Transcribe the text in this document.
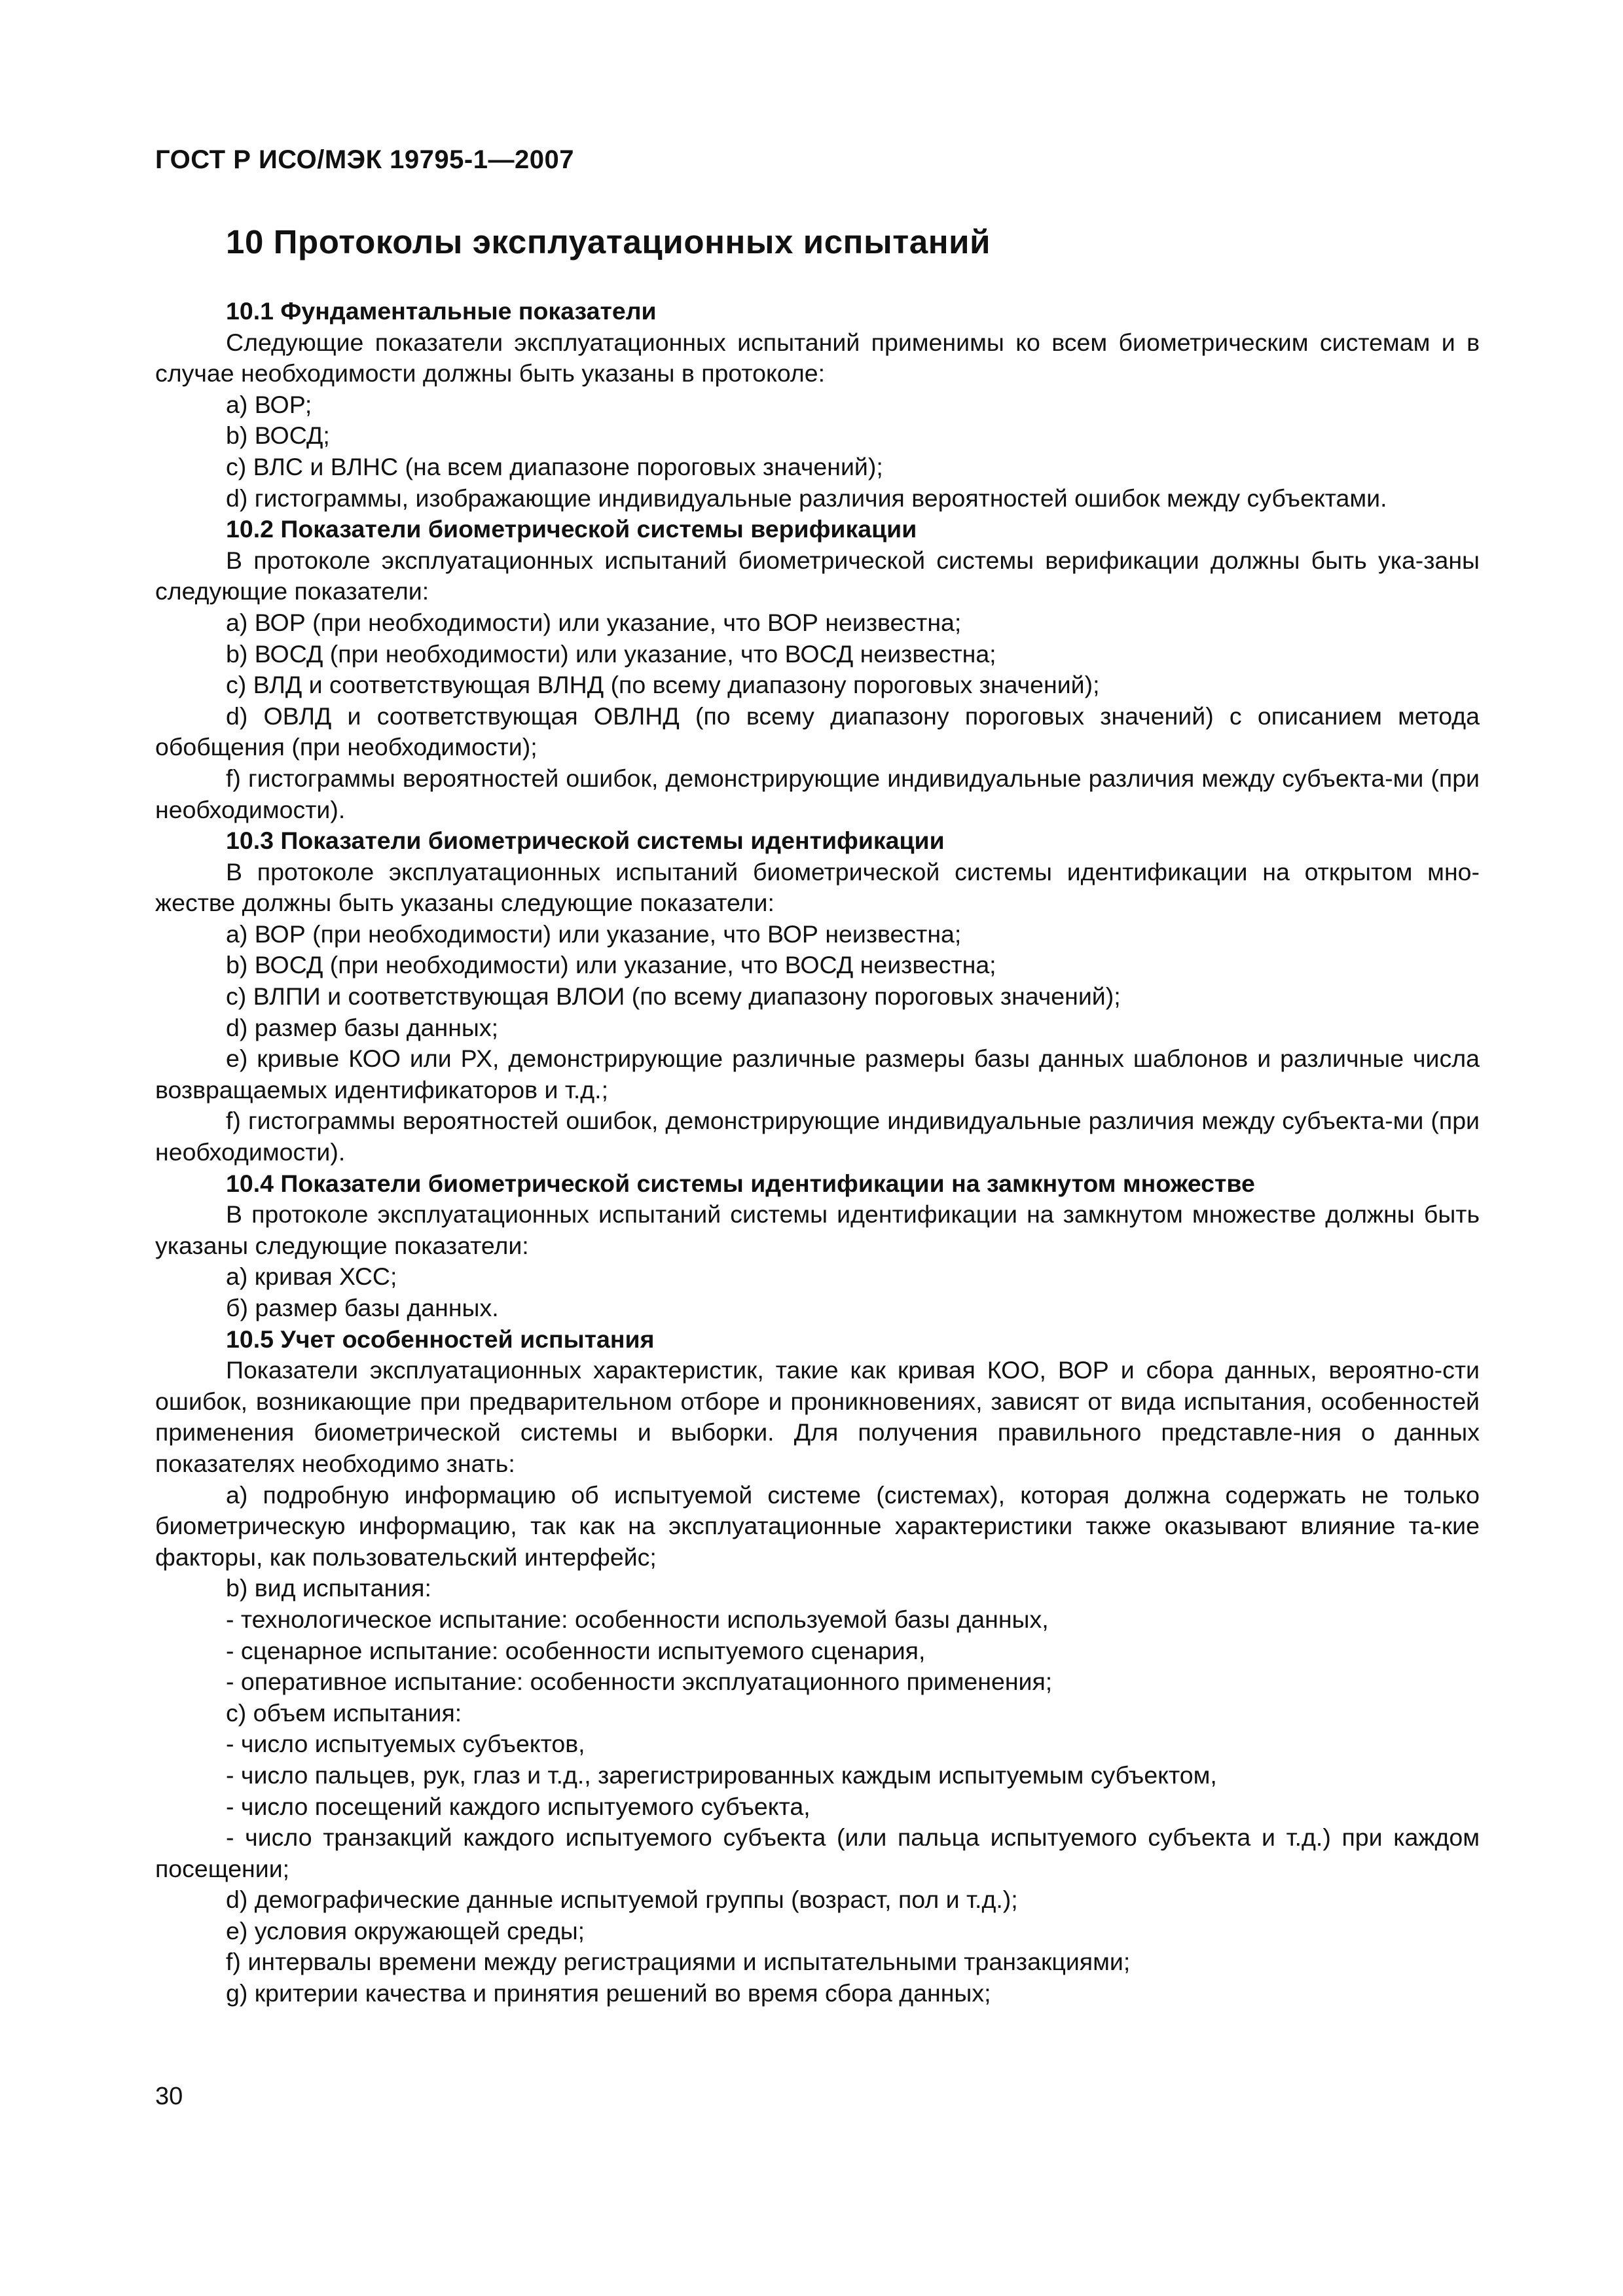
ГОСТ Р ИСО/МЭК 19795-1—2007
10 Протоколы эксплуатационных испытаний

10.1 Фундаментальные показатели

Следующие показатели эксплуатационных испытаний применимы ко всем биометрическим системам и в случае необходимости должны быть указаны в протоколе:

a) ВОР;

b) ВОСД;

c) ВЛС и ВЛНС (на всем диапазоне пороговых значений);

d) гистограммы, изображающие индивидуальные различия вероятностей ошибок между субъектами.

10.2 Показатели биометрической системы верификации

В протоколе эксплуатационных испытаний биометрической системы верификации должны быть ука-заны следующие показатели:

a) ВОР (при необходимости) или указание, что ВОР неизвестна;

b) ВОСД (при необходимости) или указание, что ВОСД неизвестна;

c) ВЛД и соответствующая ВЛНД (по всему диапазону пороговых значений);

d) ОВЛД и соответствующая ОВЛНД (по всему диапазону пороговых значений) с описанием метода обобщения (при необходимости);

f) гистограммы вероятностей ошибок, демонстрирующие индивидуальные различия между субъекта-ми (при необходимости).

10.3 Показатели биометрической системы идентификации

В протоколе эксплуатационных испытаний биометрической системы идентификации на открытом мно-жестве должны быть указаны следующие показатели:

a) ВОР (при необходимости) или указание, что ВОР неизвестна;

b) ВОСД (при необходимости) или указание, что ВОСД неизвестна;

c) ВЛПИ и соответствующая ВЛОИ (по всему диапазону пороговых значений);

d) размер базы данных;

e) кривые КОО или РХ, демонстрирующие различные размеры базы данных шаблонов и различные числа возвращаемых идентификаторов и т.д.;

f) гистограммы вероятностей ошибок, демонстрирующие индивидуальные различия между субъекта-ми (при необходимости).

10.4 Показатели биометрической системы идентификации на замкнутом множестве

В протоколе эксплуатационных испытаний системы идентификации на замкнутом множестве должны быть указаны следующие показатели:

а) кривая ХСС;

б) размер базы данных.

10.5 Учет особенностей испытания

Показатели эксплуатационных характеристик, такие как кривая КОО, ВОР и сбора данных, вероятно-сти ошибок, возникающие при предварительном отборе и проникновениях, зависят от вида испытания, особенностей применения биометрической системы и выборки. Для получения правильного представле-ния о данных показателях необходимо знать:

a) подробную информацию об испытуемой системе (системах), которая должна содержать не только биометрическую информацию, так как на эксплуатационные характеристики также оказывают влияние та-кие факторы, как пользовательский интерфейс;

b) вид испытания:

- технологическое испытание: особенности используемой базы данных,

- сценарное испытание: особенности испытуемого сценария,

- оперативное испытание: особенности эксплуатационного применения;

c) объем испытания:

- число испытуемых субъектов,

- число пальцев, рук, глаз и т.д., зарегистрированных каждым испытуемым субъектом,

- число посещений каждого испытуемого субъекта,

- число транзакций каждого испытуемого субъекта (или пальца испытуемого субъекта и т.д.) при каждом посещении;

d) демографические данные испытуемой группы (возраст, пол и т.д.);

e) условия окружающей среды;

f) интервалы времени между регистрациями и испытательными транзакциями;

g) критерии качества и принятия решений во время сбора данных;

30
